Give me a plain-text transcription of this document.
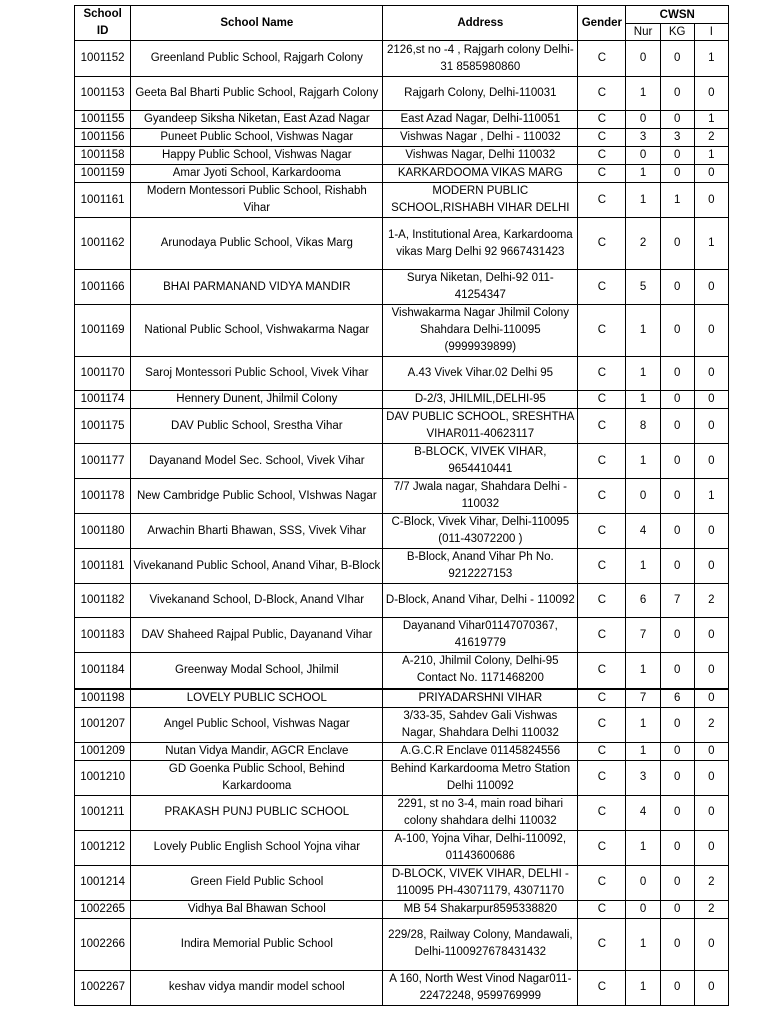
School ID	School Name	Address	Gender	CWSN		
				Nur	KG	I
1001152	Greenland Public School, Rajgarh Colony	2126,st no -4 , Rajgarh colony Delhi-31 8585980860	C	0	0	1
1001153	Geeta Bal Bharti Public School, Rajgarh Colony	Rajgarh Colony, Delhi-110031	C	1	0	0
1001155	Gyandeep Siksha Niketan, East Azad Nagar	East Azad Nagar, Delhi-110051	C	0	0	1
1001156	Puneet Public School, Vishwas Nagar	Vishwas Nagar , Delhi - 110032	C	3	3	2
1001158	Happy Public School, Vishwas Nagar	Vishwas Nagar, Delhi 110032	C	0	0	1
1001159	Amar Jyoti School, Karkardooma	KARKARDOOMA VIKAS MARG	C	1	0	0
1001161	Modern Montessori Public School, Rishabh Vihar	MODERN PUBLIC SCHOOL,RISHABH VIHAR DELHI	C	1	1	0
1001162	Arunodaya Public School, Vikas Marg	1-A, Institutional Area, Karkardooma vikas Marg Delhi 92 9667431423	C	2	0	1
1001166	BHAI PARMANAND VIDYA MANDIR	Surya Niketan, Delhi-92 011-41254347	C	5	0	0
1001169	National Public School, Vishwakarma Nagar	Vishwakarma Nagar Jhilmil Colony Shahdara Delhi-110095 (9999939899)	C	1	0	0
1001170	Saroj Montessori Public School, Vivek Vihar	A.43 Vivek Vihar.02 Delhi 95	C	1	0	0
1001174	Hennery Dunent, Jhilmil Colony	D-2/3, JHILMIL,DELHI-95	C	1	0	0
1001175	DAV Public School, Srestha Vihar	DAV PUBLIC SCHOOL, SRESHTHA VIHAR011-40623117	C	8	0	0
1001177	Dayanand Model Sec. School, Vivek Vihar	B-BLOCK, VIVEK VIHAR, 9654410441	C	1	0	0
1001178	New Cambridge Public School, VIshwas Nagar	7/7 Jwala nagar, Shahdara Delhi - 110032	C	0	0	1
1001180	Arwachin Bharti Bhawan, SSS, Vivek Vihar	C-Block, Vivek Vihar, Delhi-110095 (011-43072200 )	C	4	0	0
1001181	Vivekanand Public School, Anand Vihar, B-Block	B-Block, Anand Vihar Ph No. 9212227153	C	1	0	0
1001182	Vivekanand School, D-Block, Anand VIhar	D-Block, Anand Vihar, Delhi - 110092	C	6	7	2
1001183	DAV Shaheed Rajpal Public, Dayanand Vihar	Dayanand Vihar01147070367, 41619779	C	7	0	0
1001184	Greenway Modal School, Jhilmil	A-210, Jhilmil Colony, Delhi-95 Contact No. 1171468200	C	1	0	0
1001198	LOVELY PUBLIC SCHOOL	PRIYADARSHNI VIHAR	C	7	6	0
1001207	Angel Public School, Vishwas Nagar	3/33-35, Sahdev Gali Vishwas Nagar, Shahdara Delhi 110032	C	1	0	2
1001209	Nutan Vidya Mandir, AGCR Enclave	A.G.C.R Enclave 01145824556	C	1	0	0
1001210	GD Goenka Public School, Behind Karkardooma	Behind Karkardooma Metro Station Delhi 110092	C	3	0	0
1001211	PRAKASH PUNJ PUBLIC SCHOOL	2291, st no 3-4, main road bihari colony shahdara delhi 110032	C	4	0	0
1001212	Lovely Public English School Yojna vihar	A-100, Yojna Vihar, Delhi-110092, 01143600686	C	1	0	0
1001214	Green Field Public School	D-BLOCK, VIVEK VIHAR, DELHI - 110095 PH-43071179, 43071170	C	0	0	2
1002265	Vidhya Bal Bhawan School	MB 54 Shakarpur8595338820	C	0	0	2
1002266	Indira Memorial Public School	229/28, Railway Colony, Mandawali, Delhi-1100927678431432	C	1	0	0
1002267	keshav vidya mandir model school	A 160, North West Vinod Nagar011-22472248, 9599769999	C	1	0	0
